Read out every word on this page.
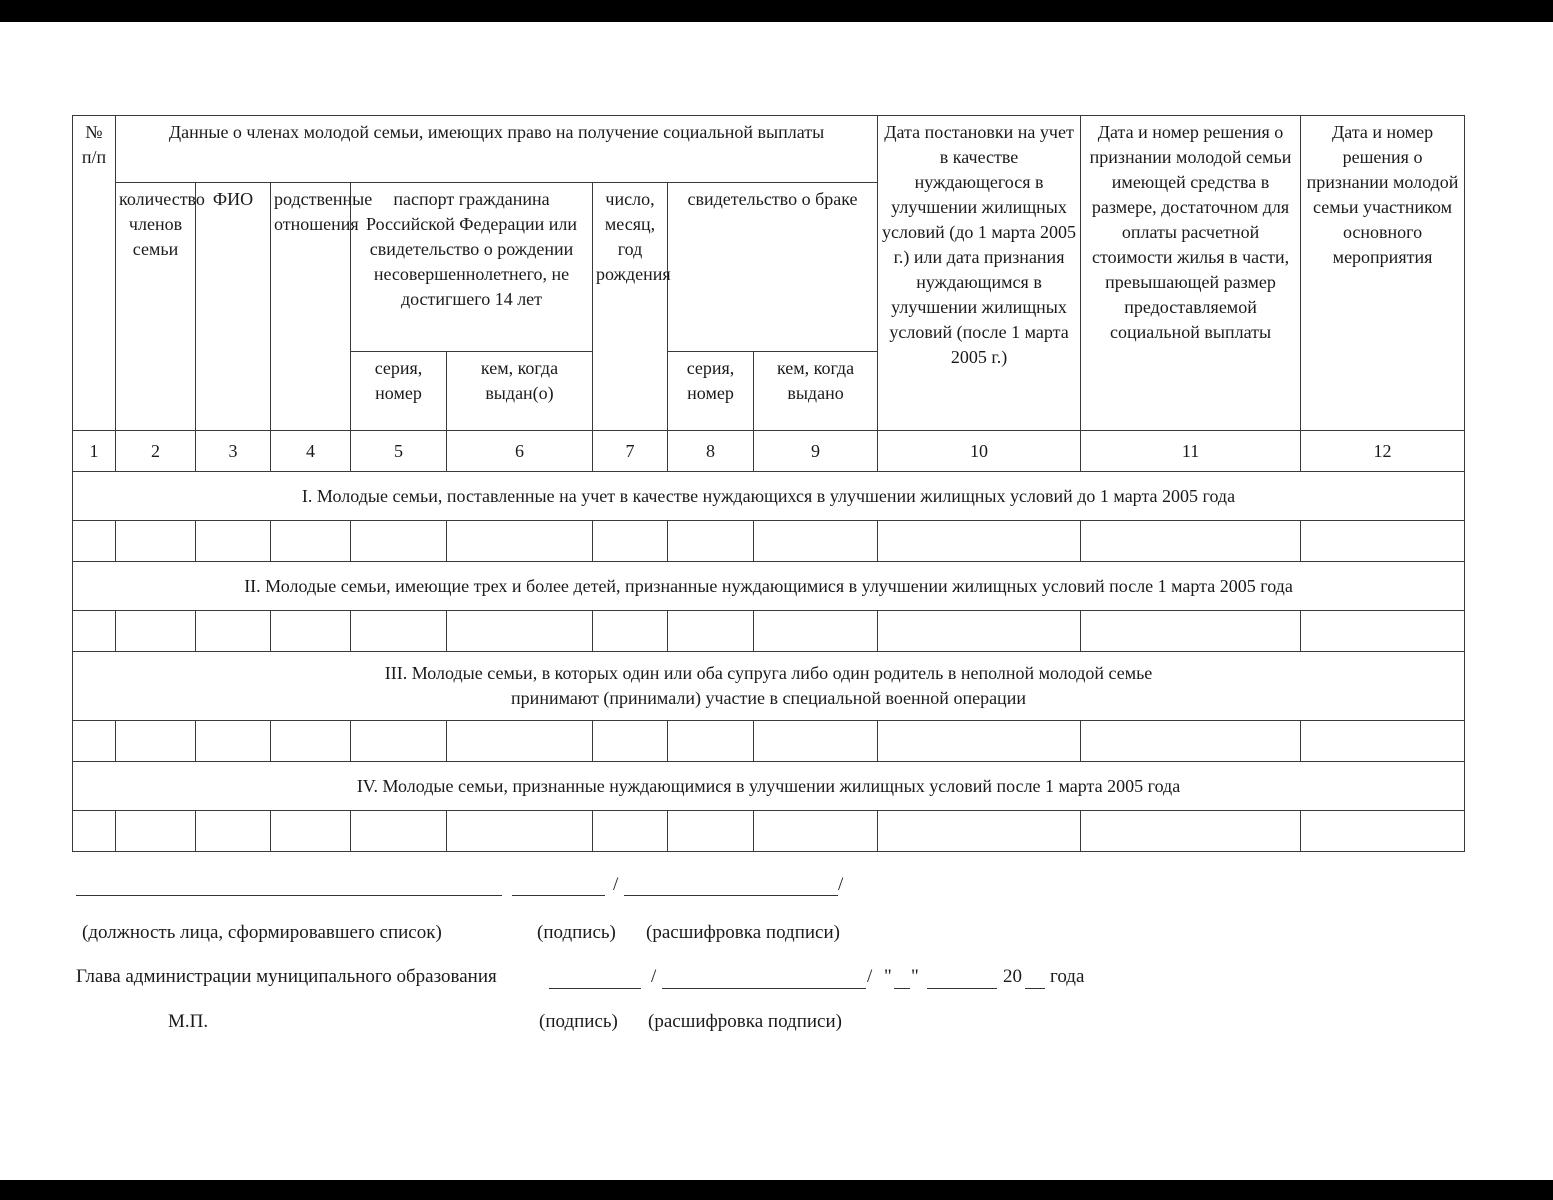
№ п/п	Данные о членах молодой семьи, имеющих право на получение социальной выплаты								Дата постановки на учет в качестве нуждающегося в улучшении жилищных условий (до 1 марта 2005 г.) или дата признания нуждающимся в улучшении жилищных условий (после 1 марта 2005 г.)	Дата и номер решения о признании молодой семьи имеющей средства в размере, достаточном для оплаты расчетной стоимости жилья в части, превышающей размер предоставляемой социальной выплаты	Дата и номер решения о признании молодой семьи участником основного мероприятия
	количество членов семьи	ФИО	родственные отношения	паспорт гражданина Российской Федерации или свидетельство о рождении несовершеннолетнего, не достигшего 14 лет		число, месяц, год рождения	свидетельство о браке				
				серия, номер	кем, когда выдан(о)		серия, номер	кем, когда выдано			
1	2	3	4	5	6	7	8	9	10	11	12

I. Молодые семьи, поставленные на учет в качестве нуждающихся в улучшении жилищных условий до 1 марта 2005 года											

II. Молодые семьи, имеющие трех и более детей, признанные нуждающимися в улучшении жилищных условий после 1 марта 2005 года											

III. Молодые семьи, в которых один или оба супруга либо один родитель в неполной молодой семье
принимают (принимали) участие в специальной военной операции											

IV. Молодые семьи, признанные нуждающимися в улучшении жилищных условий после 1 марта 2005 года											

/	/
(должность лица, сформировавшего список)	(подпись) (расшифровка подписи)
Глава администрации муниципального образования	/	/ " "	20 года
М.П.	(подпись) (расшифровка подписи)
